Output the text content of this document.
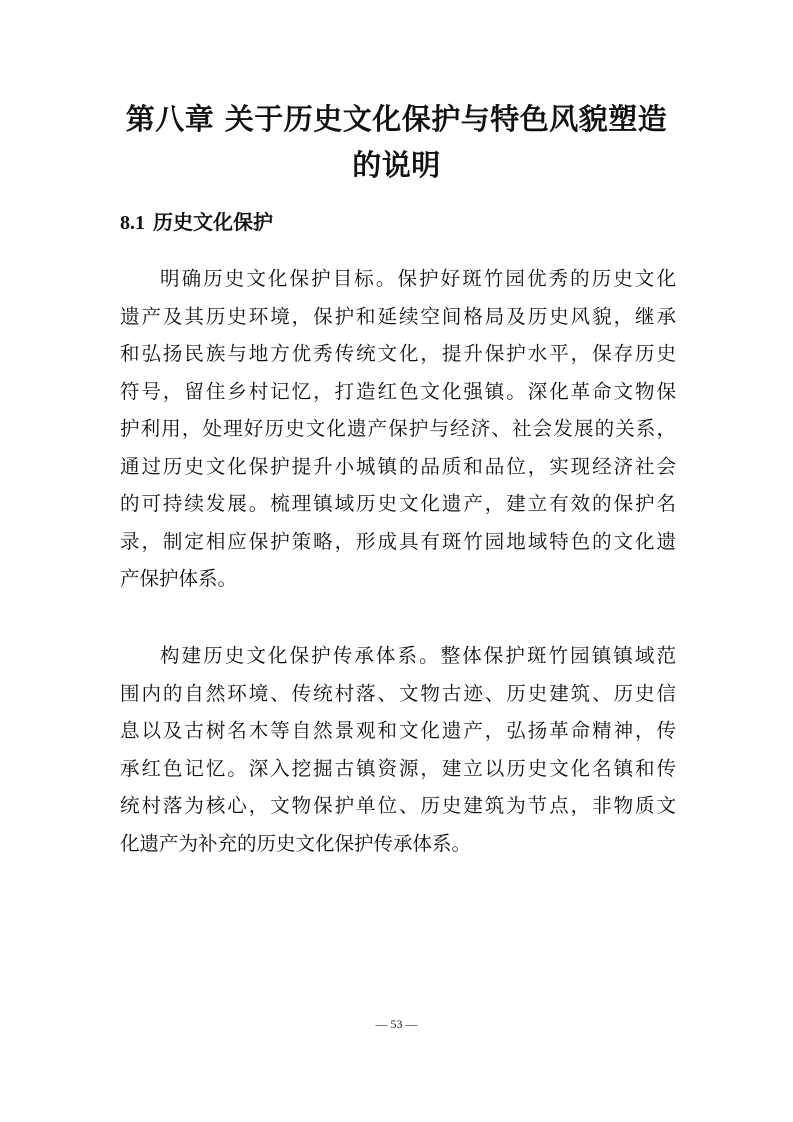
第八章 关于历史文化保护与特色风貌塑造
的说明
8.1 历史文化保护
明确历史文化保护目标。保护好斑竹园优秀的历史文化
遗产及其历史环境，保护和延续空间格局及历史风貌，继承
和弘扬民族与地方优秀传统文化，提升保护水平，保存历史
符号，留住乡村记忆，打造红色文化强镇。深化革命文物保
护利用，处理好历史文化遗产保护与经济、社会发展的关系，
通过历史文化保护提升小城镇的品质和品位，实现经济社会
的可持续发展。梳理镇域历史文化遗产，建立有效的保护名
录，制定相应保护策略，形成具有斑竹园地域特色的文化遗
产保护体系。
构建历史文化保护传承体系。整体保护斑竹园镇镇域范
围内的自然环境、传统村落、文物古迹、历史建筑、历史信
息以及古树名木等自然景观和文化遗产，弘扬革命精神，传
承红色记忆。深入挖掘古镇资源，建立以历史文化名镇和传
统村落为核心，文物保护单位、历史建筑为节点，非物质文
化遗产为补充的历史文化保护传承体系。
— 53 —
